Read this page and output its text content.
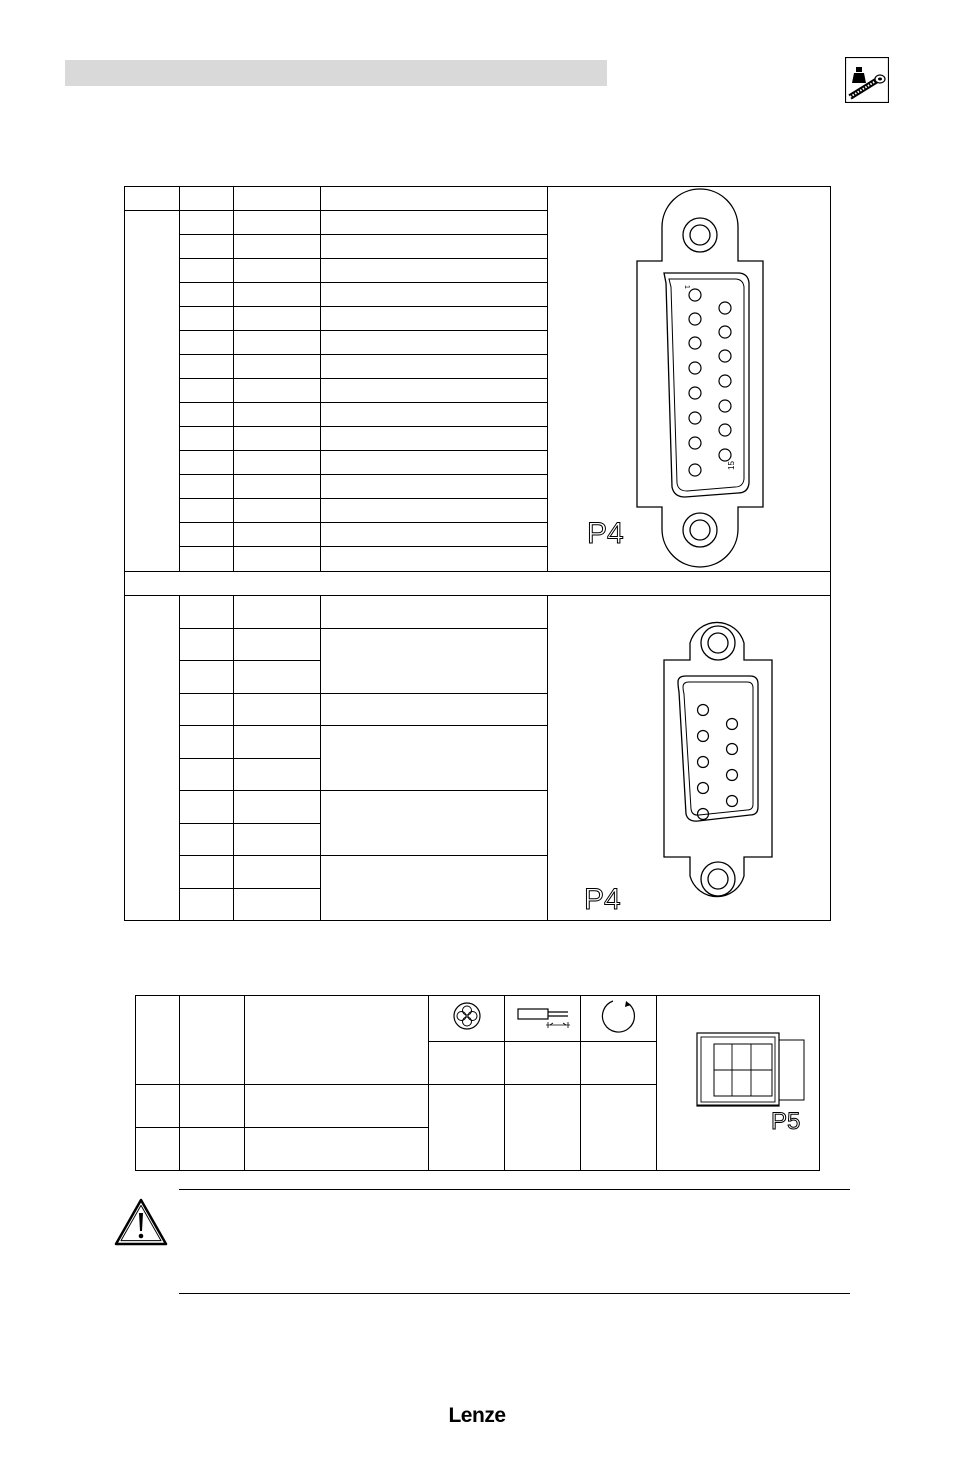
1
15
P4

P4

P5

Lenze
